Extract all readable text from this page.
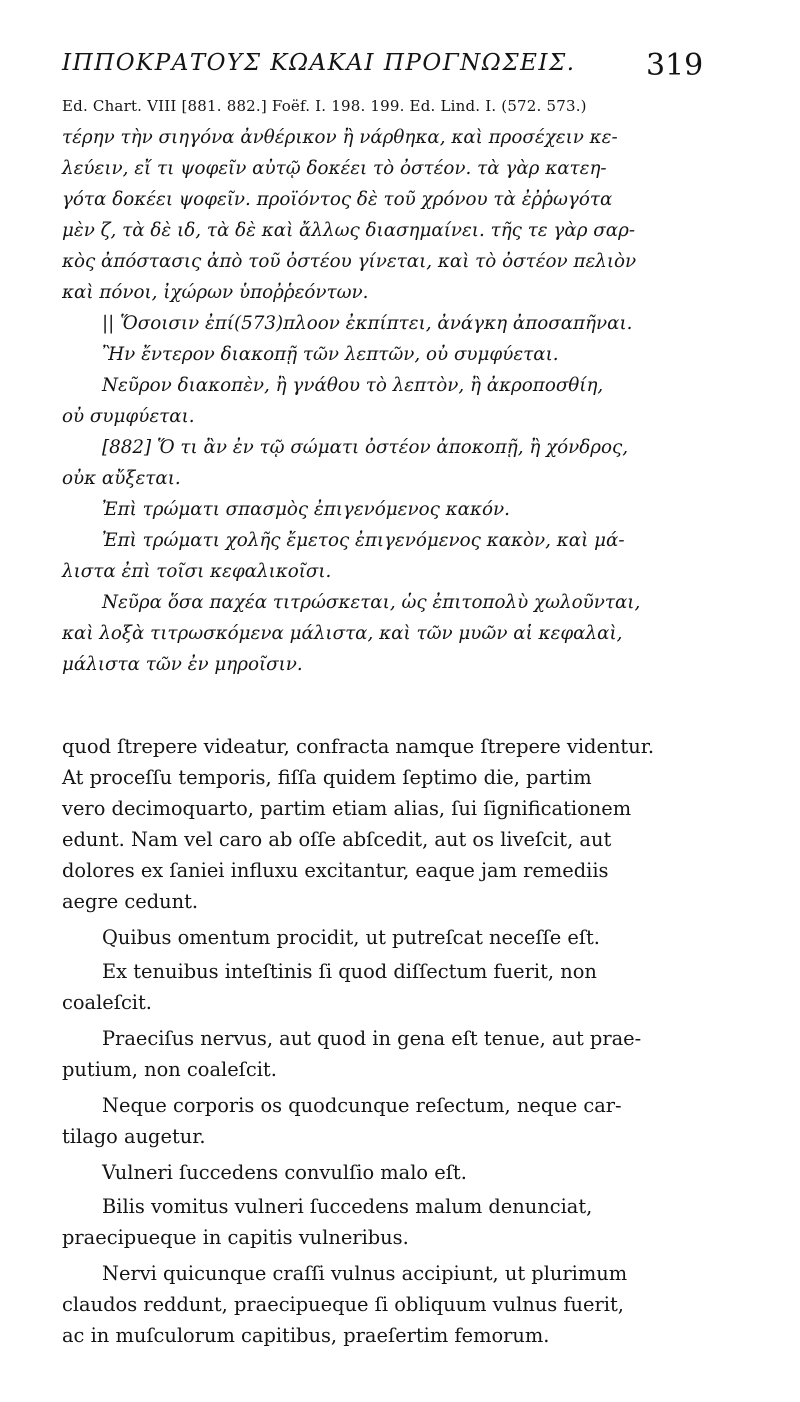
ΙΠΠΟΚΡΑΤΟΥΣ ΚΩΑΚΑΙ ΠΡΟΓΝΩΣΕΙΣ.	319
Ed. Chart. VIII [881. 882.] Foëf. I. 198. 199. Ed. Lind. I. (572. 573.)
τέρην τὴν σιηγόνα ἀνθέρικον ἢ νάρθηκα, καὶ προσέχειν κε-
λεύειν, εἴ τι ψοφεῖν αὐτῷ δοκέει τὸ ὀστέον. τὰ γὰρ κατεη-
γότα δοκέει ψοφεῖν. προϊόντος δὲ τοῦ χρόνου τὰ ἐῤῥωγότα
μὲν ζ, τὰ δὲ ιδ, τὰ δὲ καὶ ἄλλως διασημαίνει. τῆς τε γὰρ σαρ-
κὸς ἀπόστασις ἀπὸ τοῦ ὀστέου γίνεται, καὶ τὸ ὀστέον πελιὸν
καὶ πόνοι, ἰχώρων ὑποῤῥεόντων.
|| Ὅσοισιν ἐπί(573)πλοον ἐκπίπτει, ἀνάγκη ἀποσαπῆναι.
Ἢν ἔντερον διακοπῇ τῶν λεπτῶν, οὐ συμφύεται.
Νεῦρον διακοπὲν, ἢ γνάθου τὸ λεπτὸν, ἢ ἀκροποσθίη,
οὐ συμφύεται.
[882] Ὅ τι ἂν ἐν τῷ σώματι ὀστέον ἀποκοπῇ, ἢ χόνδρος,
οὐκ αὔξεται.
Ἐπὶ τρώματι σπασμὸς ἐπιγενόμενος κακόν.
Ἐπὶ τρώματι χολῆς ἔμετος ἐπιγενόμενος κακὸν, καὶ μά-
λιστα ἐπὶ τοῖσι κεφαλικοῖσι.
Νεῦρα ὅσα παχέα τιτρώσκεται, ὡς ἐπιτοπολὺ χωλοῦνται,
καὶ λοξὰ τιτρωσκόμενα μάλιστα, καὶ τῶν μυῶν αἱ κεφαλαὶ,
μάλιστα τῶν ἐν μηροῖσιν.
quod ſtrepere videatur, confracta namque ſtrepere videntur.
At proceſſu temporis, fiſſa quidem ſeptimo die, partim
vero decimoquarto, partim etiam alias, ſui ſignificationem
edunt. Nam vel caro ab oſſe abſcedit, aut os liveſcit, aut
dolores ex ſaniei influxu excitantur, eaque jam remediis
aegre cedunt.
Quibus omentum procidit, ut putreſcat neceſſe eſt.
Ex tenuibus inteſtinis ſi quod diſſectum fuerit, non
coaleſcit.
Praeciſus nervus, aut quod in gena eſt tenue, aut prae-
putium, non coaleſcit.
Neque corporis os quodcunque reſectum, neque car-
tilago augetur.
Vulneri ſuccedens convulſio malo eſt.
Bilis vomitus vulneri ſuccedens malum denunciat,
praecipueque in capitis vulneribus.
Nervi quicunque craſſi vulnus accipiunt, ut plurimum
claudos reddunt, praecipueque ſi obliquum vulnus fuerit,
ac in muſculorum capitibus, praeſertim femorum.
